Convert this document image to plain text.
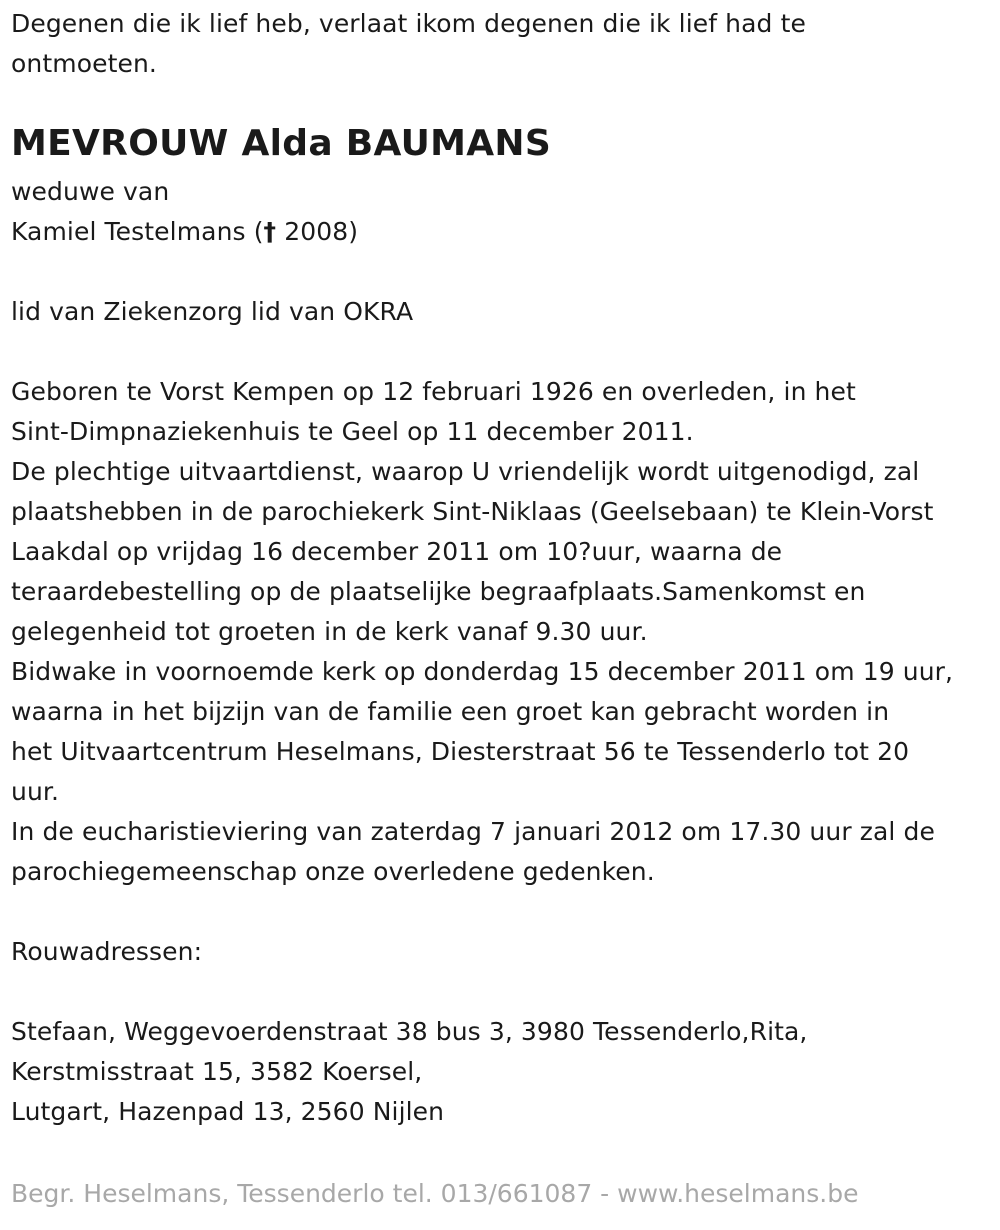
Degenen die ik lief heb, verlaat ikom degenen die ik lief had te
ontmoeten.
MEVROUW Alda BAUMANS
weduwe van
Kamiel Testelmans († 2008)
lid van Ziekenzorg lid van OKRA
Geboren te Vorst Kempen op 12 februari 1926 en overleden, in het
Sint-Dimpnaziekenhuis te Geel op 11 december 2011.
De plechtige uitvaartdienst, waarop U vriendelijk wordt uitgenodigd, zal
plaatshebben in de parochiekerk Sint-Niklaas (Geelsebaan) te Klein-Vorst
Laakdal op vrijdag 16 december 2011 om 10?uur, waarna de
teraardebestelling op de plaatselijke begraafplaats.Samenkomst en
gelegenheid tot groeten in de kerk vanaf 9.30 uur.
Bidwake in voornoemde kerk op donderdag 15 december 2011 om 19 uur,
waarna in het bijzijn van de familie een groet kan gebracht worden in
het Uitvaartcentrum Heselmans, Diesterstraat 56 te Tessenderlo tot 20
uur.
In de eucharistieviering van zaterdag 7 januari 2012 om 17.30 uur zal de
parochiegemeenschap onze overledene gedenken.
Rouwadressen:
Stefaan, Weggevoerdenstraat 38 bus 3, 3980 Tessenderlo,Rita,
Kerstmisstraat 15, 3582 Koersel,
Lutgart, Hazenpad 13, 2560 Nijlen
Begr. Heselmans, Tessenderlo tel. 013/661087 - www.heselmans.be
